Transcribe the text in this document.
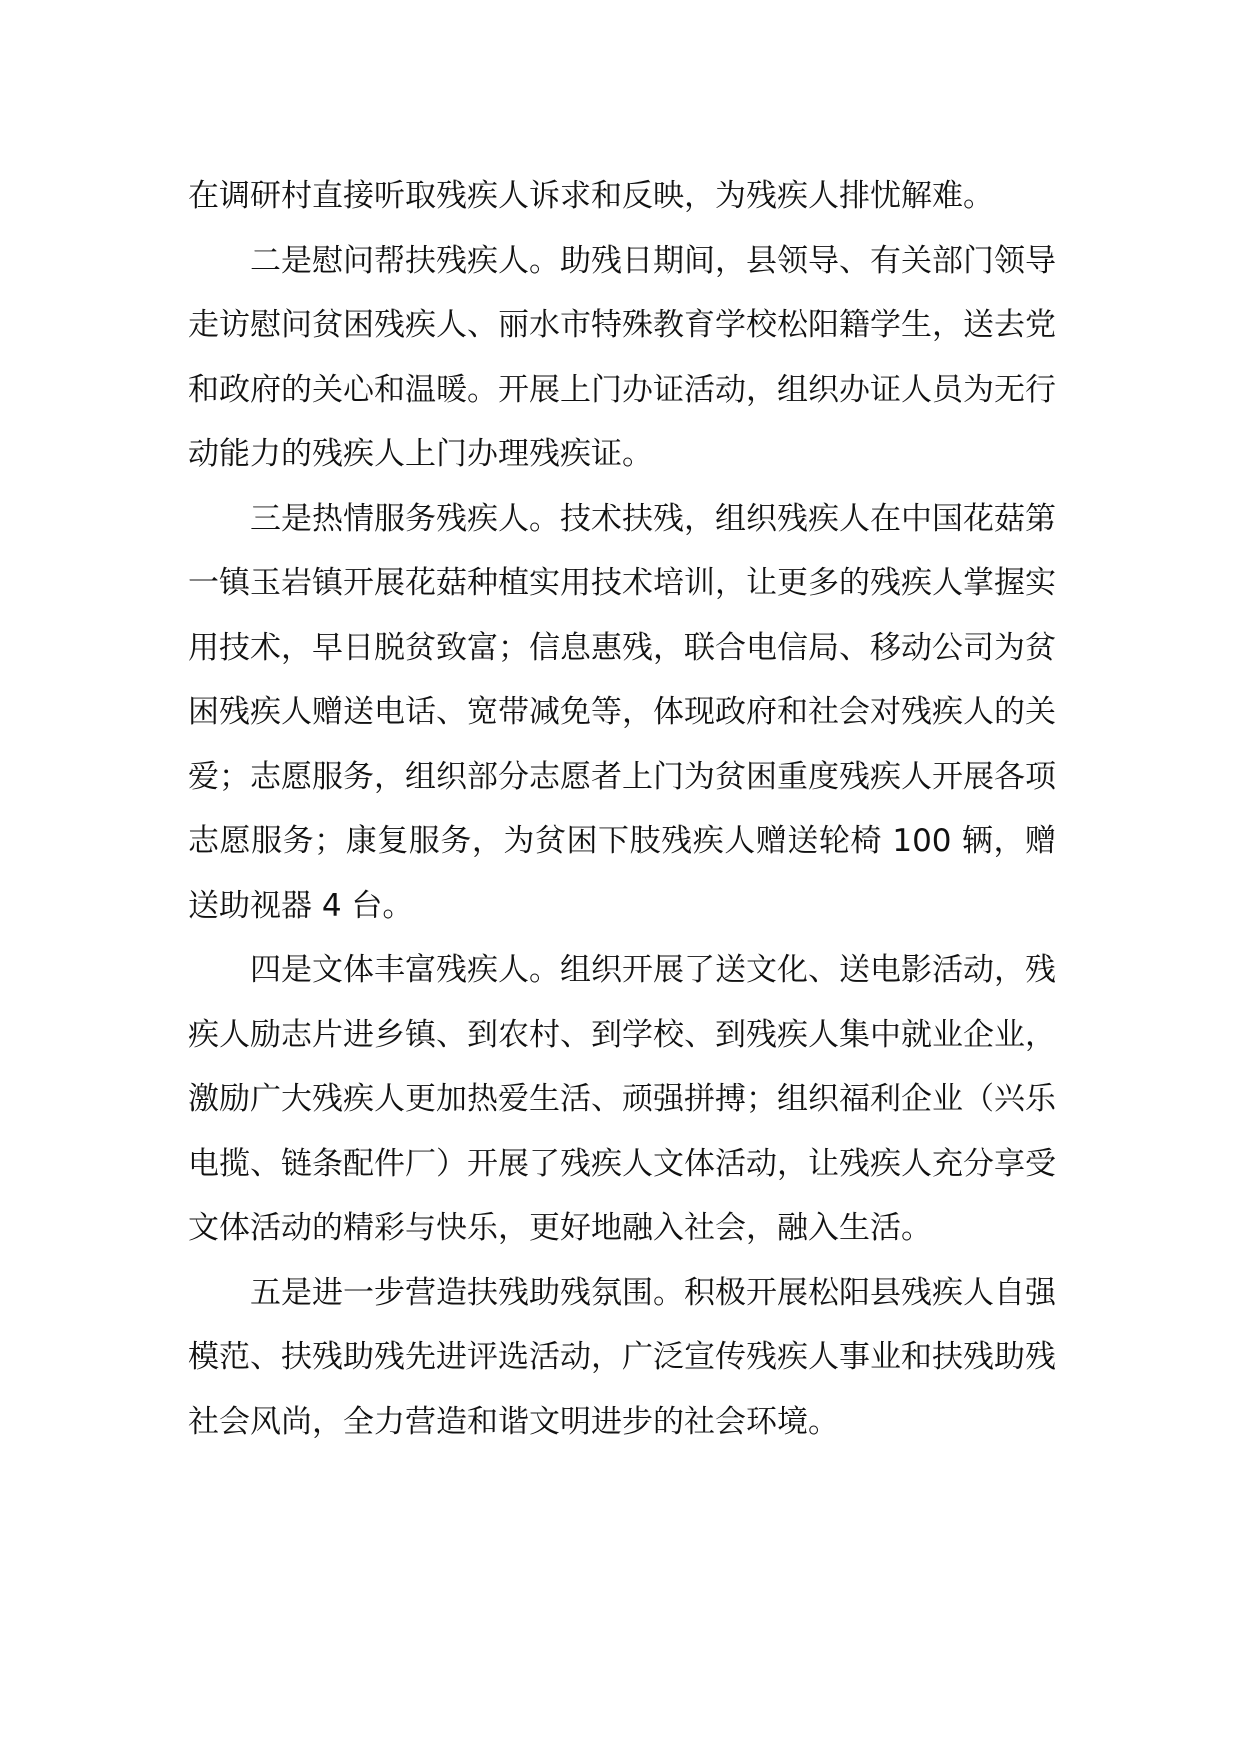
在调研村直接听取残疾人诉求和反映，为残疾人排忧解难。

二是慰问帮扶残疾人。助残日期间，县领导、有关部门领导走访慰问贫困残疾人、丽水市特殊教育学校松阳籍学生，送去党和政府的关心和温暖。开展上门办证活动，组织办证人员为无行动能力的残疾人上门办理残疾证。

三是热情服务残疾人。技术扶残，组织残疾人在中国花菇第一镇玉岩镇开展花菇种植实用技术培训，让更多的残疾人掌握实用技术，早日脱贫致富；信息惠残，联合电信局、移动公司为贫困残疾人赠送电话、宽带减免等，体现政府和社会对残疾人的关爱；志愿服务，组织部分志愿者上门为贫困重度残疾人开展各项志愿服务；康复服务，为贫困下肢残疾人赠送轮椅 100 辆，赠送助视器 4 台。

四是文体丰富残疾人。组织开展了送文化、送电影活动，残疾人励志片进乡镇、到农村、到学校、到残疾人集中就业企业，激励广大残疾人更加热爱生活、顽强拼搏；组织福利企业（兴乐电揽、链条配件厂）开展了残疾人文体活动，让残疾人充分享受文体活动的精彩与快乐，更好地融入社会，融入生活。

五是进一步营造扶残助残氛围。积极开展松阳县残疾人自强模范、扶残助残先进评选活动，广泛宣传残疾人事业和扶残助残社会风尚，全力营造和谐文明进步的社会环境。
